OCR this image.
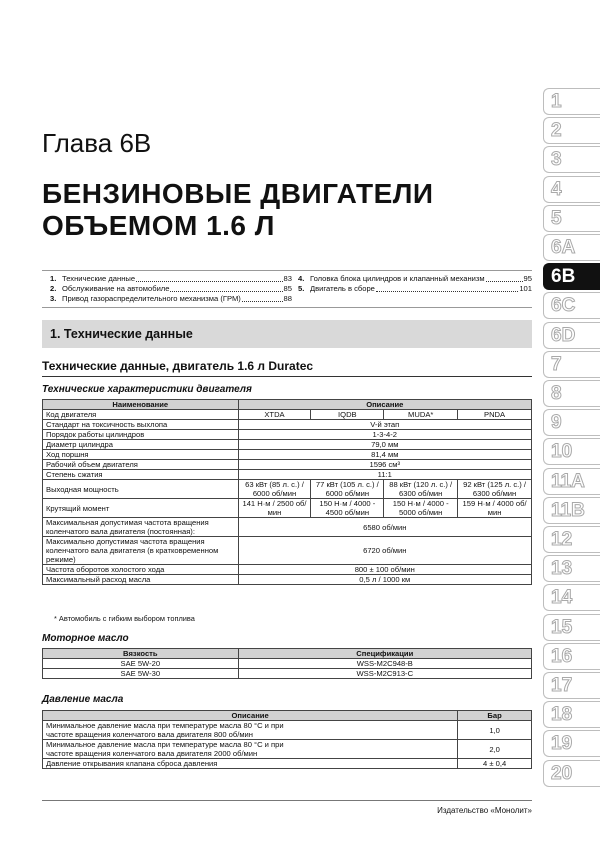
Глава 6В
БЕНЗИНОВЫЕ ДВИГАТЕЛИ
ОБЪЕМОМ 1.6 Л
1. Технические данные	83
2. Обслуживание на автомобиле	85
3. Привод газораспределительного механизма (ГРМ)	88
4. Головка блока цилиндров и клапанный механизм	95
5. Двигатель в сборе	101
1. Технические данные
Технические данные, двигатель 1.6 л Duratec
Технические характеристики двигателя
Наименование	Описание			
Код двигателя	XTDA	IQDB	MUDA*	PNDA
Стандарт на токсичность выхлопа	V-й этап			
Порядок работы цилиндров	1-3-4-2			
Диаметр цилиндра	79,0 мм			
Ход поршня	81,4 мм			
Рабочий объем двигателя	1596 см³			
Степень сжатия	11:1			
Выходная мощность	63 кВт (85 л. с.) / 6000 об/мин	77 кВт (105 л. с.) / 6000 об/мин	88 кВт (120 л. с.) / 6300 об/мин	92 кВт (125 л. с.) / 6300 об/мин
Крутящий момент	141 Н·м / 2500 об/мин	150 Н·м / 4000 - 4500 об/мин	150 Н·м / 4000 - 5000 об/мин	159 Н·м / 4000 об/мин
Максимальная допустимая частота вращения коленчатого вала двигателя (постоянная):	6580 об/мин			
Максимально допустимая частота вращения коленчатого вала двигателя (в кратковременном режиме)	6720 об/мин			
Частота оборотов холостого хода	800 ± 100 об/мин			
Максимальный расход масла	0,5 л / 1000 км			
* Автомобиль с гибким выбором топлива
Моторное масло
Вязкость	Спецификации
SAE 5W-20	WSS-M2C948-B
SAE 5W-30	WSS-M2C913-C
Давление масла
Описание	Бар
Минимальное давление масла при температуре масла 80 °C и при частоте вращения коленчатого вала двигателя 800 об/мин	1,0
Минимальное давление масла при температуре масла 80 °C и при частоте вращения коленчатого вала двигателя 2000 об/мин	2,0
Давление открывания клапана сброса давления	4 ± 0,4
Издательство «Монолит»
1
2
3
4
5
6A
6B
6C
6D
7
8
9
10
11A
11B
12
13
14
15
16
17
18
19
20
